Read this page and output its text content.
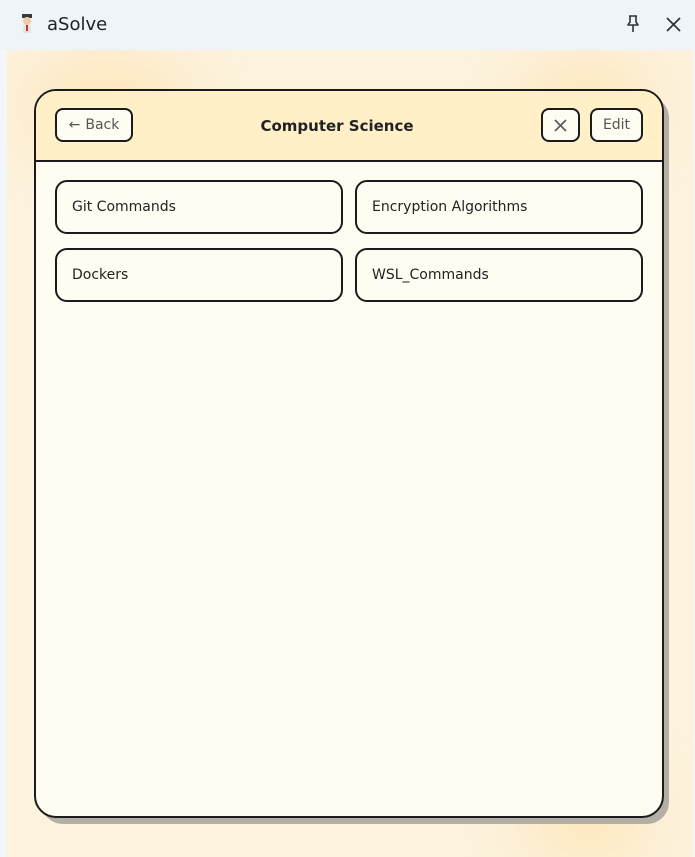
aSolve
← Back	Computer Science	Edit
Git Commands	Encryption Algorithms
Dockers	WSL_Commands
